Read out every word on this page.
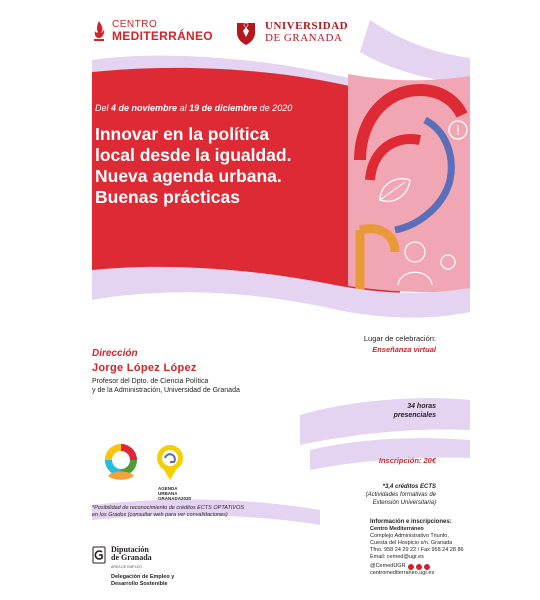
CENTRO
MEDITERRÁNEO
UNIVERSIDAD
DE GRANADA
Del 4 de noviembre al 19 de diciembre de 2020
Innovar en la política
local desde la igualdad.
Nueva agenda urbana.
Buenas prácticas
Dirección
Jorge López López
Profesor del Dpto. de Ciencia Política
y de la Administración, Universidad de Granada
Lugar de celebración:
Enseñanza virtual
34 horas
presenciales
Inscripción: 20€
*3,4 créditos ECTS
(Actividades formativas de
Extensión Universitaria)
AGENDA URBANA
GRANADA2030
*Posibilidad de reconocimiento de créditos ECTS OPTATIVOS
en los Grados (consultar web para ver convalidaciones)
Información e inscripciones:
Centro Mediterráneo
Complejo Administrativo Triunfo,
Cuesta del Hospicio s/n. Granada
Tfno. 958 24 29 22 / Fax 958 24 28 86
Email: cemed@ugr.es
@CemedUGR
centromediterraneo.ugr.es
Diputación
de Granada
ÁREA DE EMPLEO
Delegación de Empleo y
Desarrollo Sostenible
